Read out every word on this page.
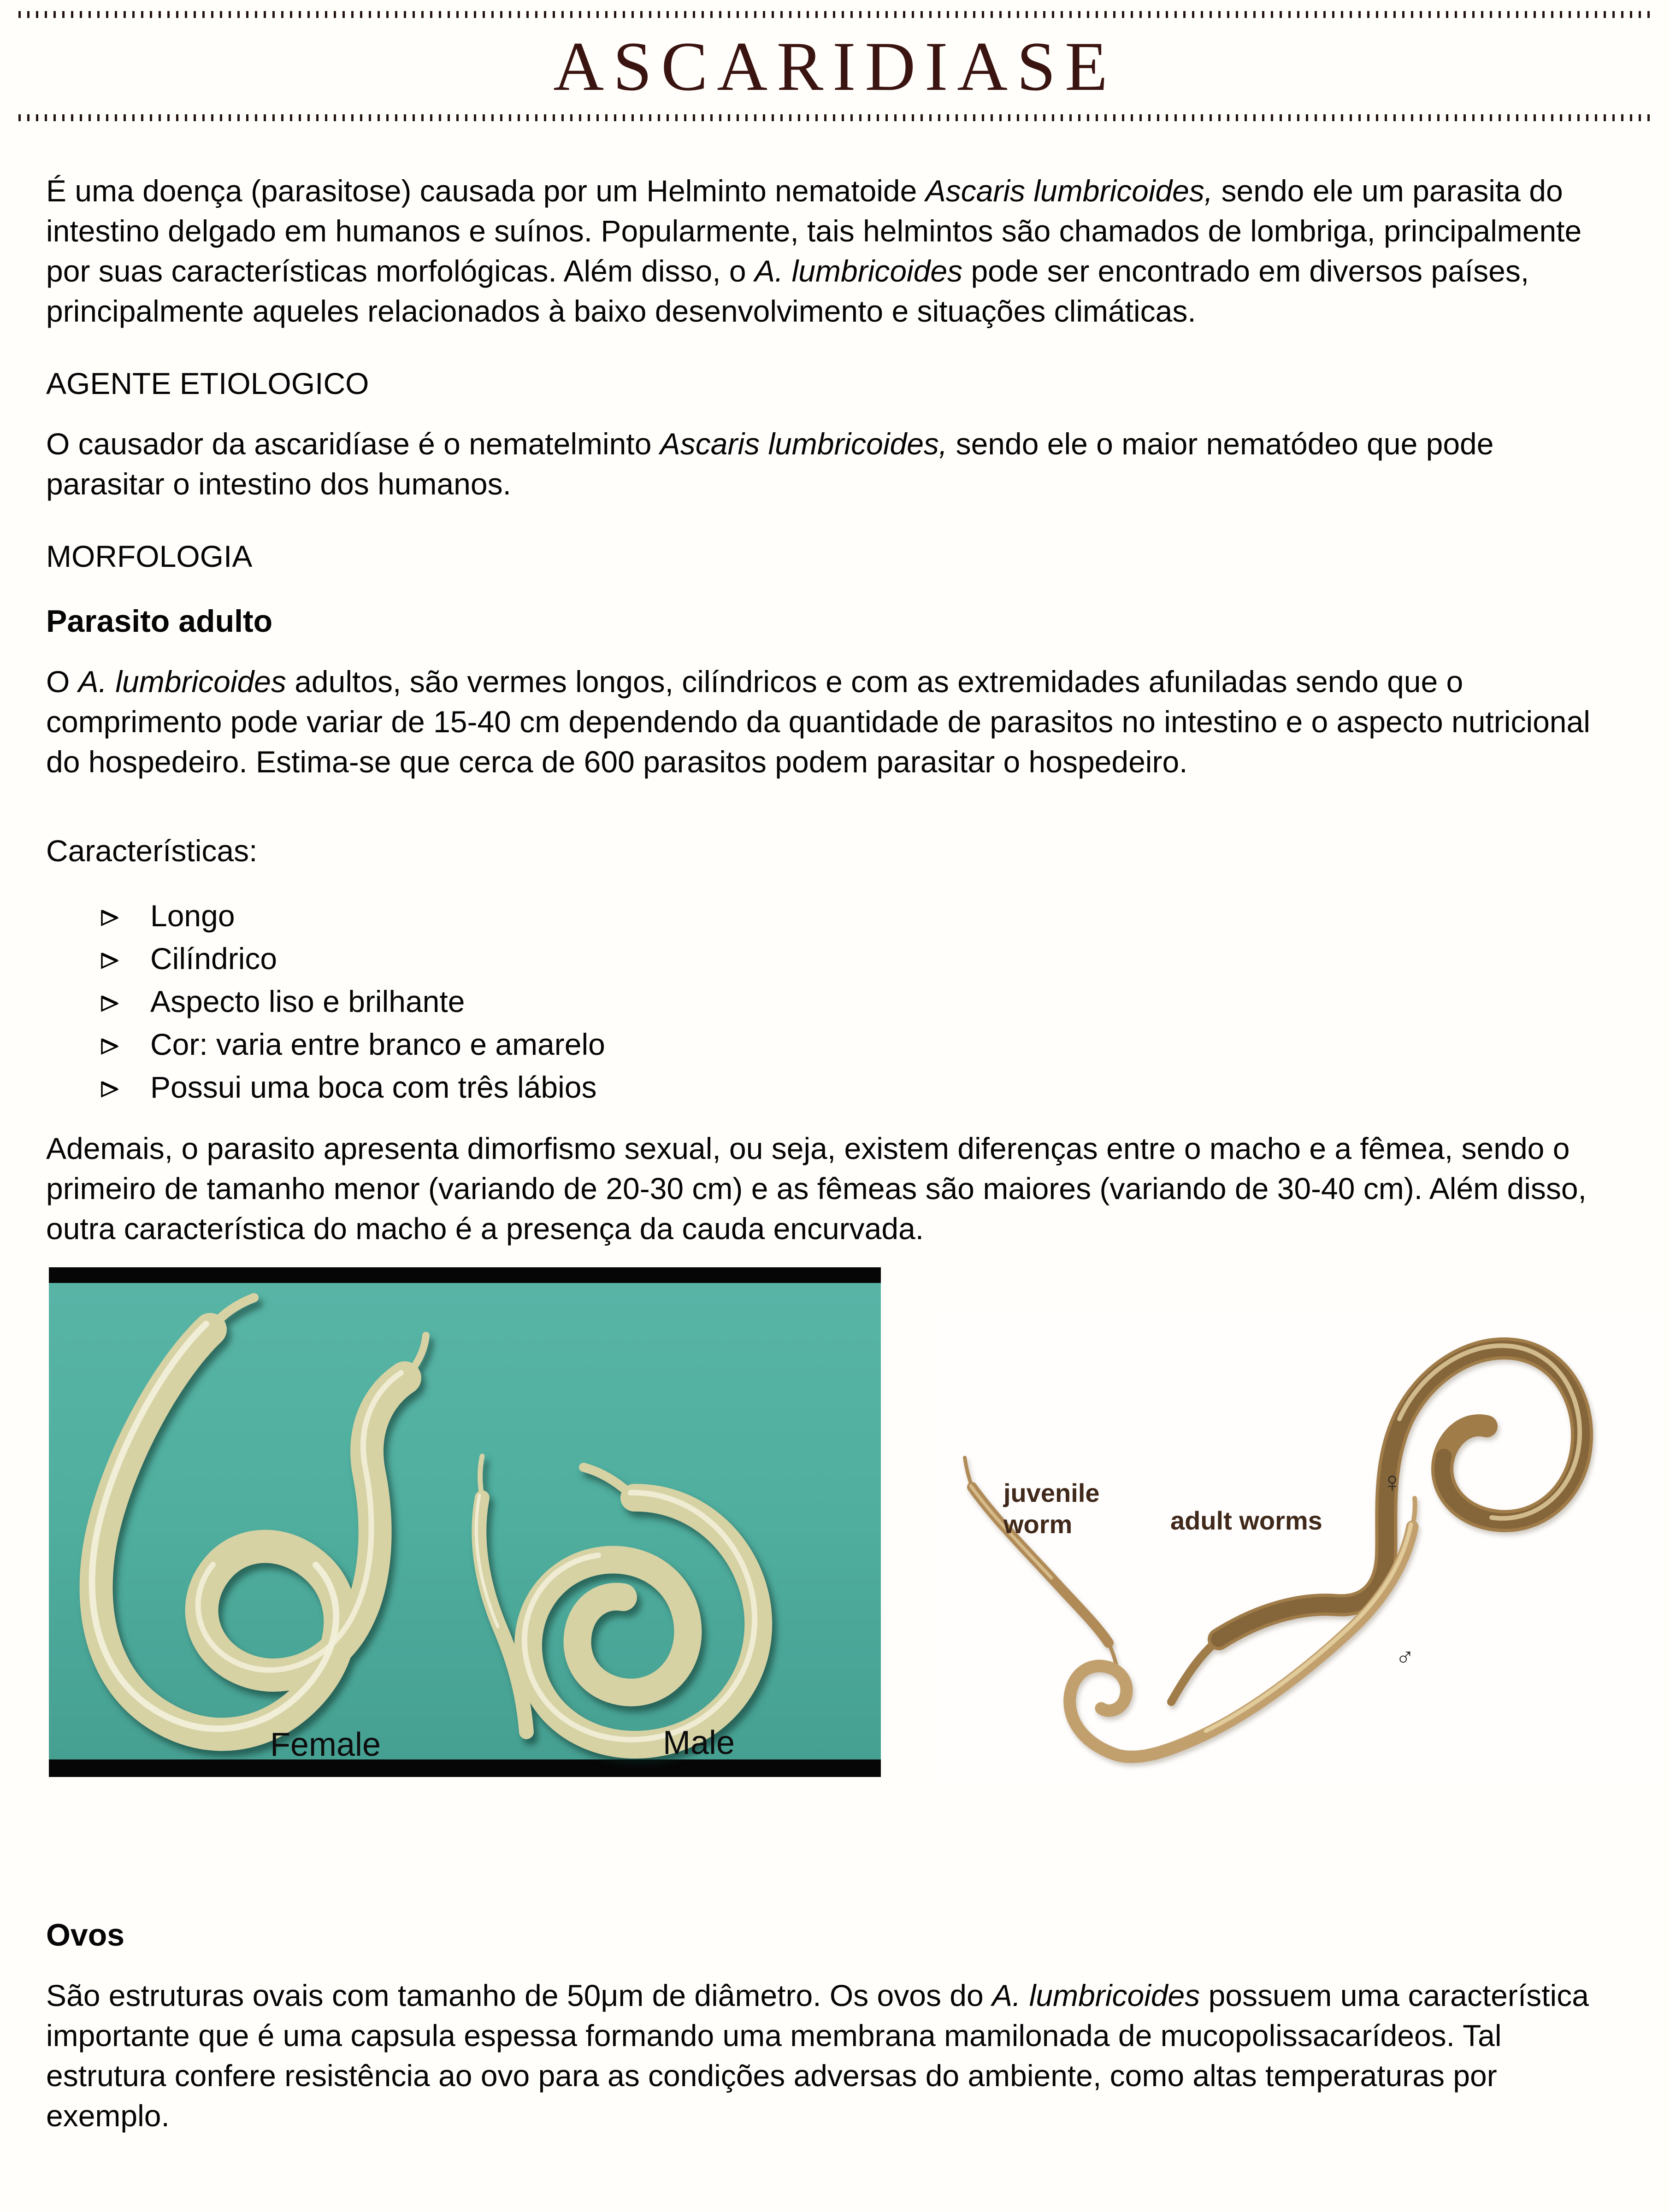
ASCARIDIASE

É uma doença (parasitose) causada por um Helminto nematoide Ascaris lumbricoides, sendo ele um parasita do intestino delgado em humanos e suínos. Popularmente, tais helmintos são chamados de lombriga, principalmente por suas características morfológicas. Além disso, o A. lumbricoides pode ser encontrado em diversos países, principalmente aqueles relacionados à baixo desenvolvimento e situações climáticas.

AGENTE ETIOLOGICO

O causador da ascaridíase é o nematelminto Ascaris lumbricoides, sendo ele o maior nematódeo que pode parasitar o intestino dos humanos.

MORFOLOGIA
Parasito adulto

O A. lumbricoides adultos, são vermes longos, cilíndricos e com as extremidades afuniladas sendo que o comprimento pode variar de 15-40 cm dependendo da quantidade de parasitos no intestino e o aspecto nutricional do hospedeiro. Estima-se que cerca de 600 parasitos podem parasitar o hospedeiro.

Características:

Longo
Cilíndrico
Aspecto liso e brilhante
Cor: varia entre branco e amarelo
Possui uma boca com três lábios

Ademais, o parasito apresenta dimorfismo sexual, ou seja, existem diferenças entre o macho e a fêmea, sendo o primeiro de tamanho menor (variando de 20-30 cm) e as fêmeas são maiores (variando de 30-40 cm). Além disso, outra característica do macho é a presença da cauda encurvada.

Female	Male
juvenile
worm	adult worms
♀
♂
Ovos

São estruturas ovais com tamanho de 50μm de diâmetro. Os ovos do A. lumbricoides possuem uma característica importante que é uma capsula espessa formando uma membrana mamilonada de mucopolissacarídeos. Tal estrutura confere resistência ao ovo para as condições adversas do ambiente, como altas temperaturas por exemplo.
